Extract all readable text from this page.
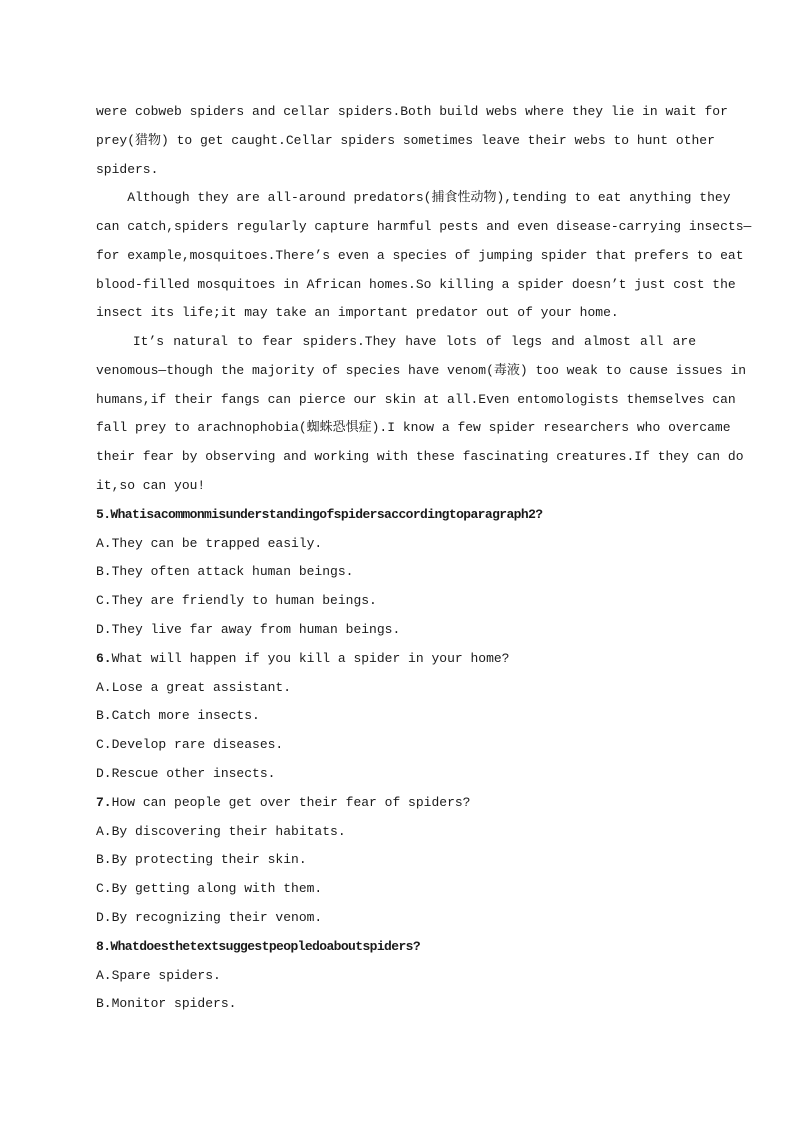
were cobweb spiders and cellar spiders.Both build webs where they lie in wait for
prey(猎物) to get caught.Cellar spiders sometimes leave their webs to hunt other
spiders.
Although they are all-around predators(捕食性动物),tending to eat anything they
can catch,spiders regularly capture harmful pests and even disease-carrying insects—
for example,mosquitoes.There’s even a species of jumping spider that prefers to eat
blood-filled mosquitoes in African homes.So killing a spider doesn’t just cost the
insect its life;it may take an important predator out of your home.
It’s natural to fear spiders.They have lots of legs and almost all are
venomous—though the majority of species have venom(毒液) too weak to cause issues in
humans,if their fangs can pierce our skin at all.Even entomologists themselves can
fall prey to arachnophobia(蜘蛛恐惧症).I know a few spider researchers who overcame
their fear by observing and working with these fascinating creatures.If they can do
it,so can you!
5.Whatisacommonmisunderstandingofspidersaccordingtoparagraph2?
A.They can be trapped easily.
B.They often attack human beings.
C.They are friendly to human beings.
D.They live far away from human beings.
6.What will happen if you kill a spider in your home?
A.Lose a great assistant.
B.Catch more insects.
C.Develop rare diseases.
D.Rescue other insects.
7.How can people get over their fear of spiders?
A.By discovering their habitats.
B.By protecting their skin.
C.By getting along with them.
D.By recognizing their venom.
8.Whatdoesthetextsuggestpeopledoaboutspiders?
A.Spare spiders.
B.Monitor spiders.
